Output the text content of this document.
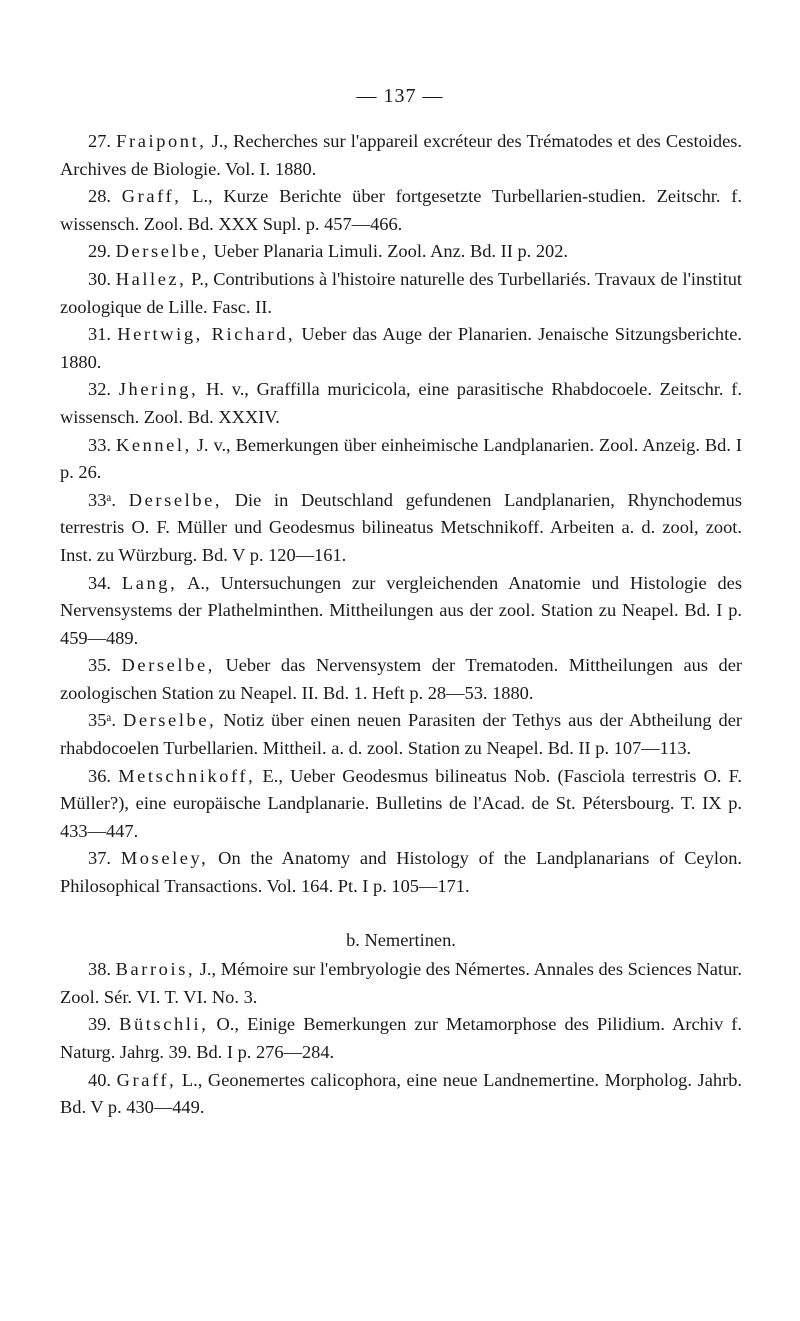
— 137 —

27. Fraipont, J., Recherches sur l'appareil excréteur des Trématodes et des Cestoides. Archives de Biologie. Vol. I. 1880.

28. Graff, L., Kurze Berichte über fortgesetzte Turbellarien-studien. Zeitschr. f. wissensch. Zool. Bd. XXX Supl. p. 457—466.

29. Derselbe, Ueber Planaria Limuli. Zool. Anz. Bd. II p. 202.

30. Hallez, P., Contributions à l'histoire naturelle des Turbellariés. Travaux de l'institut zoologique de Lille. Fasc. II.

31. Hertwig, Richard, Ueber das Auge der Planarien. Jenaische Sitzungsberichte. 1880.

32. Jhering, H. v., Graffilla muricicola, eine parasitische Rhabdocoele. Zeitschr. f. wissensch. Zool. Bd. XXXIV.

33. Kennel, J. v., Bemerkungen über einheimische Landplanarien. Zool. Anzeig. Bd. I p. 26.

33ᵃ. Derselbe, Die in Deutschland gefundenen Landplanarien, Rhynchodemus terrestris O. F. Müller und Geodesmus bilineatus Metschnikoff. Arbeiten a. d. zool, zoot. Inst. zu Würzburg. Bd. V p. 120—161.

34. Lang, A., Untersuchungen zur vergleichenden Anatomie und Histologie des Nervensystems der Plathelminthen. Mittheilungen aus der zool. Station zu Neapel. Bd. I p. 459—489.

35. Derselbe, Ueber das Nervensystem der Trematoden. Mittheilungen aus der zoologischen Station zu Neapel. II. Bd. 1. Heft p. 28—53. 1880.

35ᵃ. Derselbe, Notiz über einen neuen Parasiten der Tethys aus der Abtheilung der rhabdocoelen Turbellarien. Mittheil. a. d. zool. Station zu Neapel. Bd. II p. 107—113.

36. Metschnikoff, E., Ueber Geodesmus bilineatus Nob. (Fasciola terrestris O. F. Müller?), eine europäische Landplanarie. Bulletins de l'Acad. de St. Pétersbourg. T. IX p. 433—447.

37. Moseley, On the Anatomy and Histology of the Landplanarians of Ceylon. Philosophical Transactions. Vol. 164. Pt. I p. 105—171.

b. Nemertinen.

38. Barrois, J., Mémoire sur l'embryologie des Némertes. Annales des Sciences Natur. Zool. Sér. VI. T. VI. No. 3.

39. Bütschli, O., Einige Bemerkungen zur Metamorphose des Pilidium. Archiv f. Naturg. Jahrg. 39. Bd. I p. 276—284.

40. Graff, L., Geonemertes calicophora, eine neue Landnemertine. Morpholog. Jahrb. Bd. V p. 430—449.
